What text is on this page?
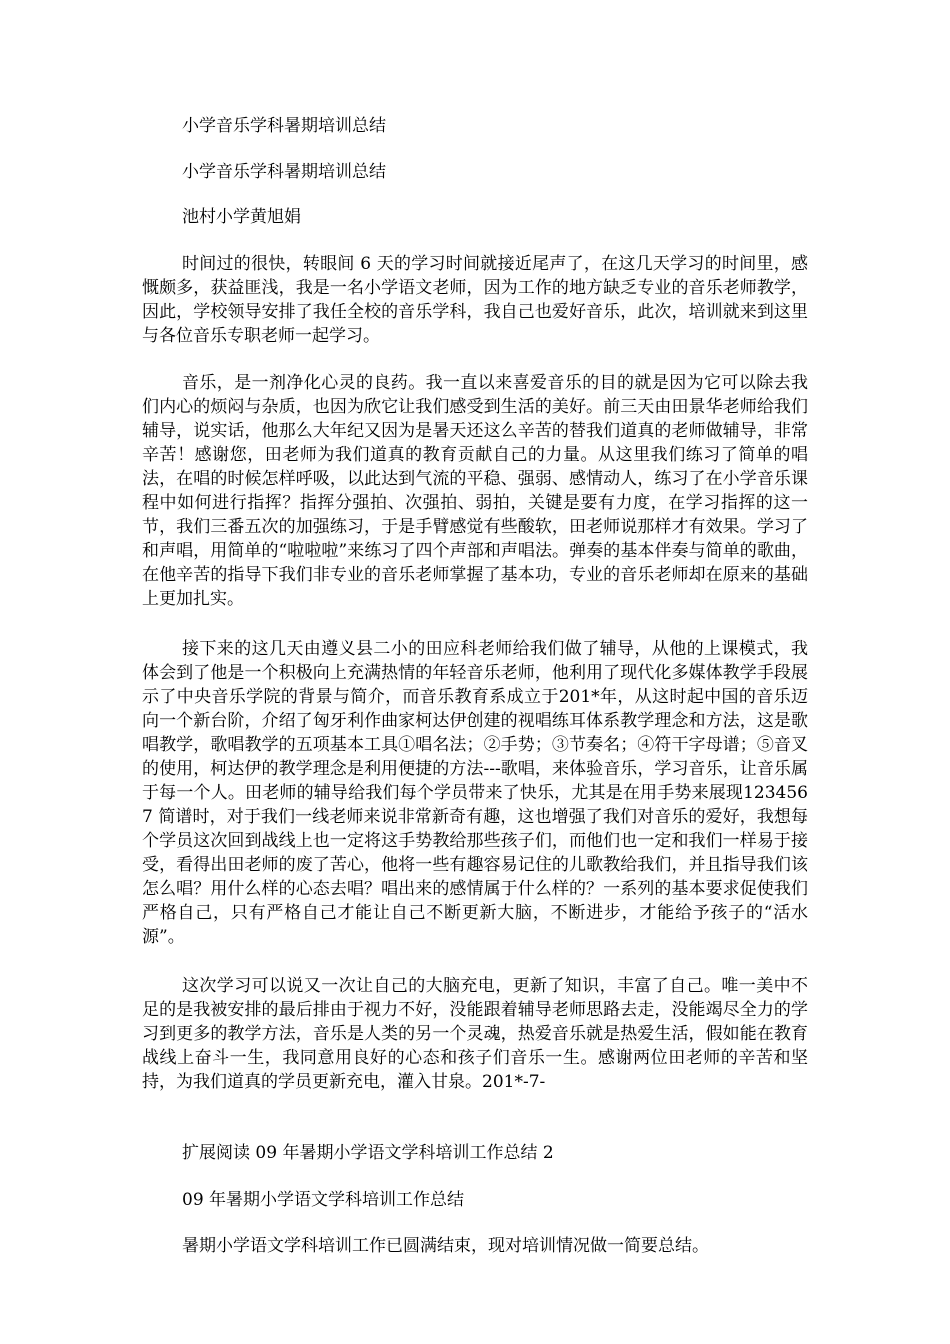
小学音乐学科暑期培训总结
小学音乐学科暑期培训总结
池村小学黄旭娟

时间过的很快，转眼间 6 天的学习时间就接近尾声了，在这几天学习的时间里，感慨颇多，获益匪浅，我是一名小学语文老师，因为工作的地方缺乏专业的音乐老师教学，因此，学校领导安排了我任全校的音乐学科，我自己也爱好音乐，此次，培训就来到这里与各位音乐专职老师一起学习。

音乐，是一剂净化心灵的良药。我一直以来喜爱音乐的目的就是因为它可以除去我们内心的烦闷与杂质，也因为欣它让我们感受到生活的美好。前三天由田景华老师给我们辅导，说实话，他那么大年纪又因为是暑天还这么辛苦的替我们道真的老师做辅导，非常辛苦！感谢您，田老师为我们道真的教育贡献自己的力量。从这里我们练习了简单的唱法，在唱的时候怎样呼吸，以此达到气流的平稳、强弱、感情动人，练习了在小学音乐课程中如何进行指挥？指挥分强拍、次强拍、弱拍，关键是要有力度，在学习指挥的这一节，我们三番五次的加强练习，于是手臂感觉有些酸软，田老师说那样才有效果。学习了和声唱，用简单的“啦啦啦”来练习了四个声部和声唱法。弹奏的基本伴奏与简单的歌曲，在他辛苦的指导下我们非专业的音乐老师掌握了基本功，专业的音乐老师却在原来的基础上更加扎实。

接下来的这几天由遵义县二小的田应科老师给我们做了辅导，从他的上课模式，我体会到了他是一个积极向上充满热情的年轻音乐老师，他利用了现代化多媒体教学手段展示了中央音乐学院的背景与简介，而音乐教育系成立于201*年，从这时起中国的音乐迈向一个新台阶，介绍了匈牙利作曲家柯达伊创建的视唱练耳体系教学理念和方法，这是歌唱教学，歌唱教学的五项基本工具①唱名法；②手势；③节奏名；④符干字母谱；⑤音叉的使用，柯达伊的教学理念是利用便捷的方法---歌唱，来体验音乐，学习音乐，让音乐属于每一个人。田老师的辅导给我们每个学员带来了快乐，尤其是在用手势来展现1234567 简谱时，对于我们一线老师来说非常新奇有趣，这也增强了我们对音乐的爱好，我想每个学员这次回到战线上也一定将这手势教给那些孩子们，而他们也一定和我们一样易于接受，看得出田老师的废了苦心，他将一些有趣容易记住的儿歌教给我们，并且指导我们该怎么唱？用什么样的心态去唱？唱出来的感情属于什么样的？一系列的基本要求促使我们严格自己，只有严格自己才能让自己不断更新大脑，不断进步，才能给予孩子的“活水源”。

这次学习可以说又一次让自己的大脑充电，更新了知识，丰富了自己。唯一美中不足的是我被安排的最后排由于视力不好，没能跟着辅导老师思路去走，没能竭尽全力的学习到更多的教学方法，音乐是人类的另一个灵魂，热爱音乐就是热爱生活，假如能在教育战线上奋斗一生，我同意用良好的心态和孩子们音乐一生。感谢两位田老师的辛苦和坚持，为我们道真的学员更新充电，灌入甘泉。201*-7-

扩展阅读 09 年暑期小学语文学科培训工作总结 2
09 年暑期小学语文学科培训工作总结
暑期小学语文学科培训工作已圆满结束，现对培训情况做一简要总结。
